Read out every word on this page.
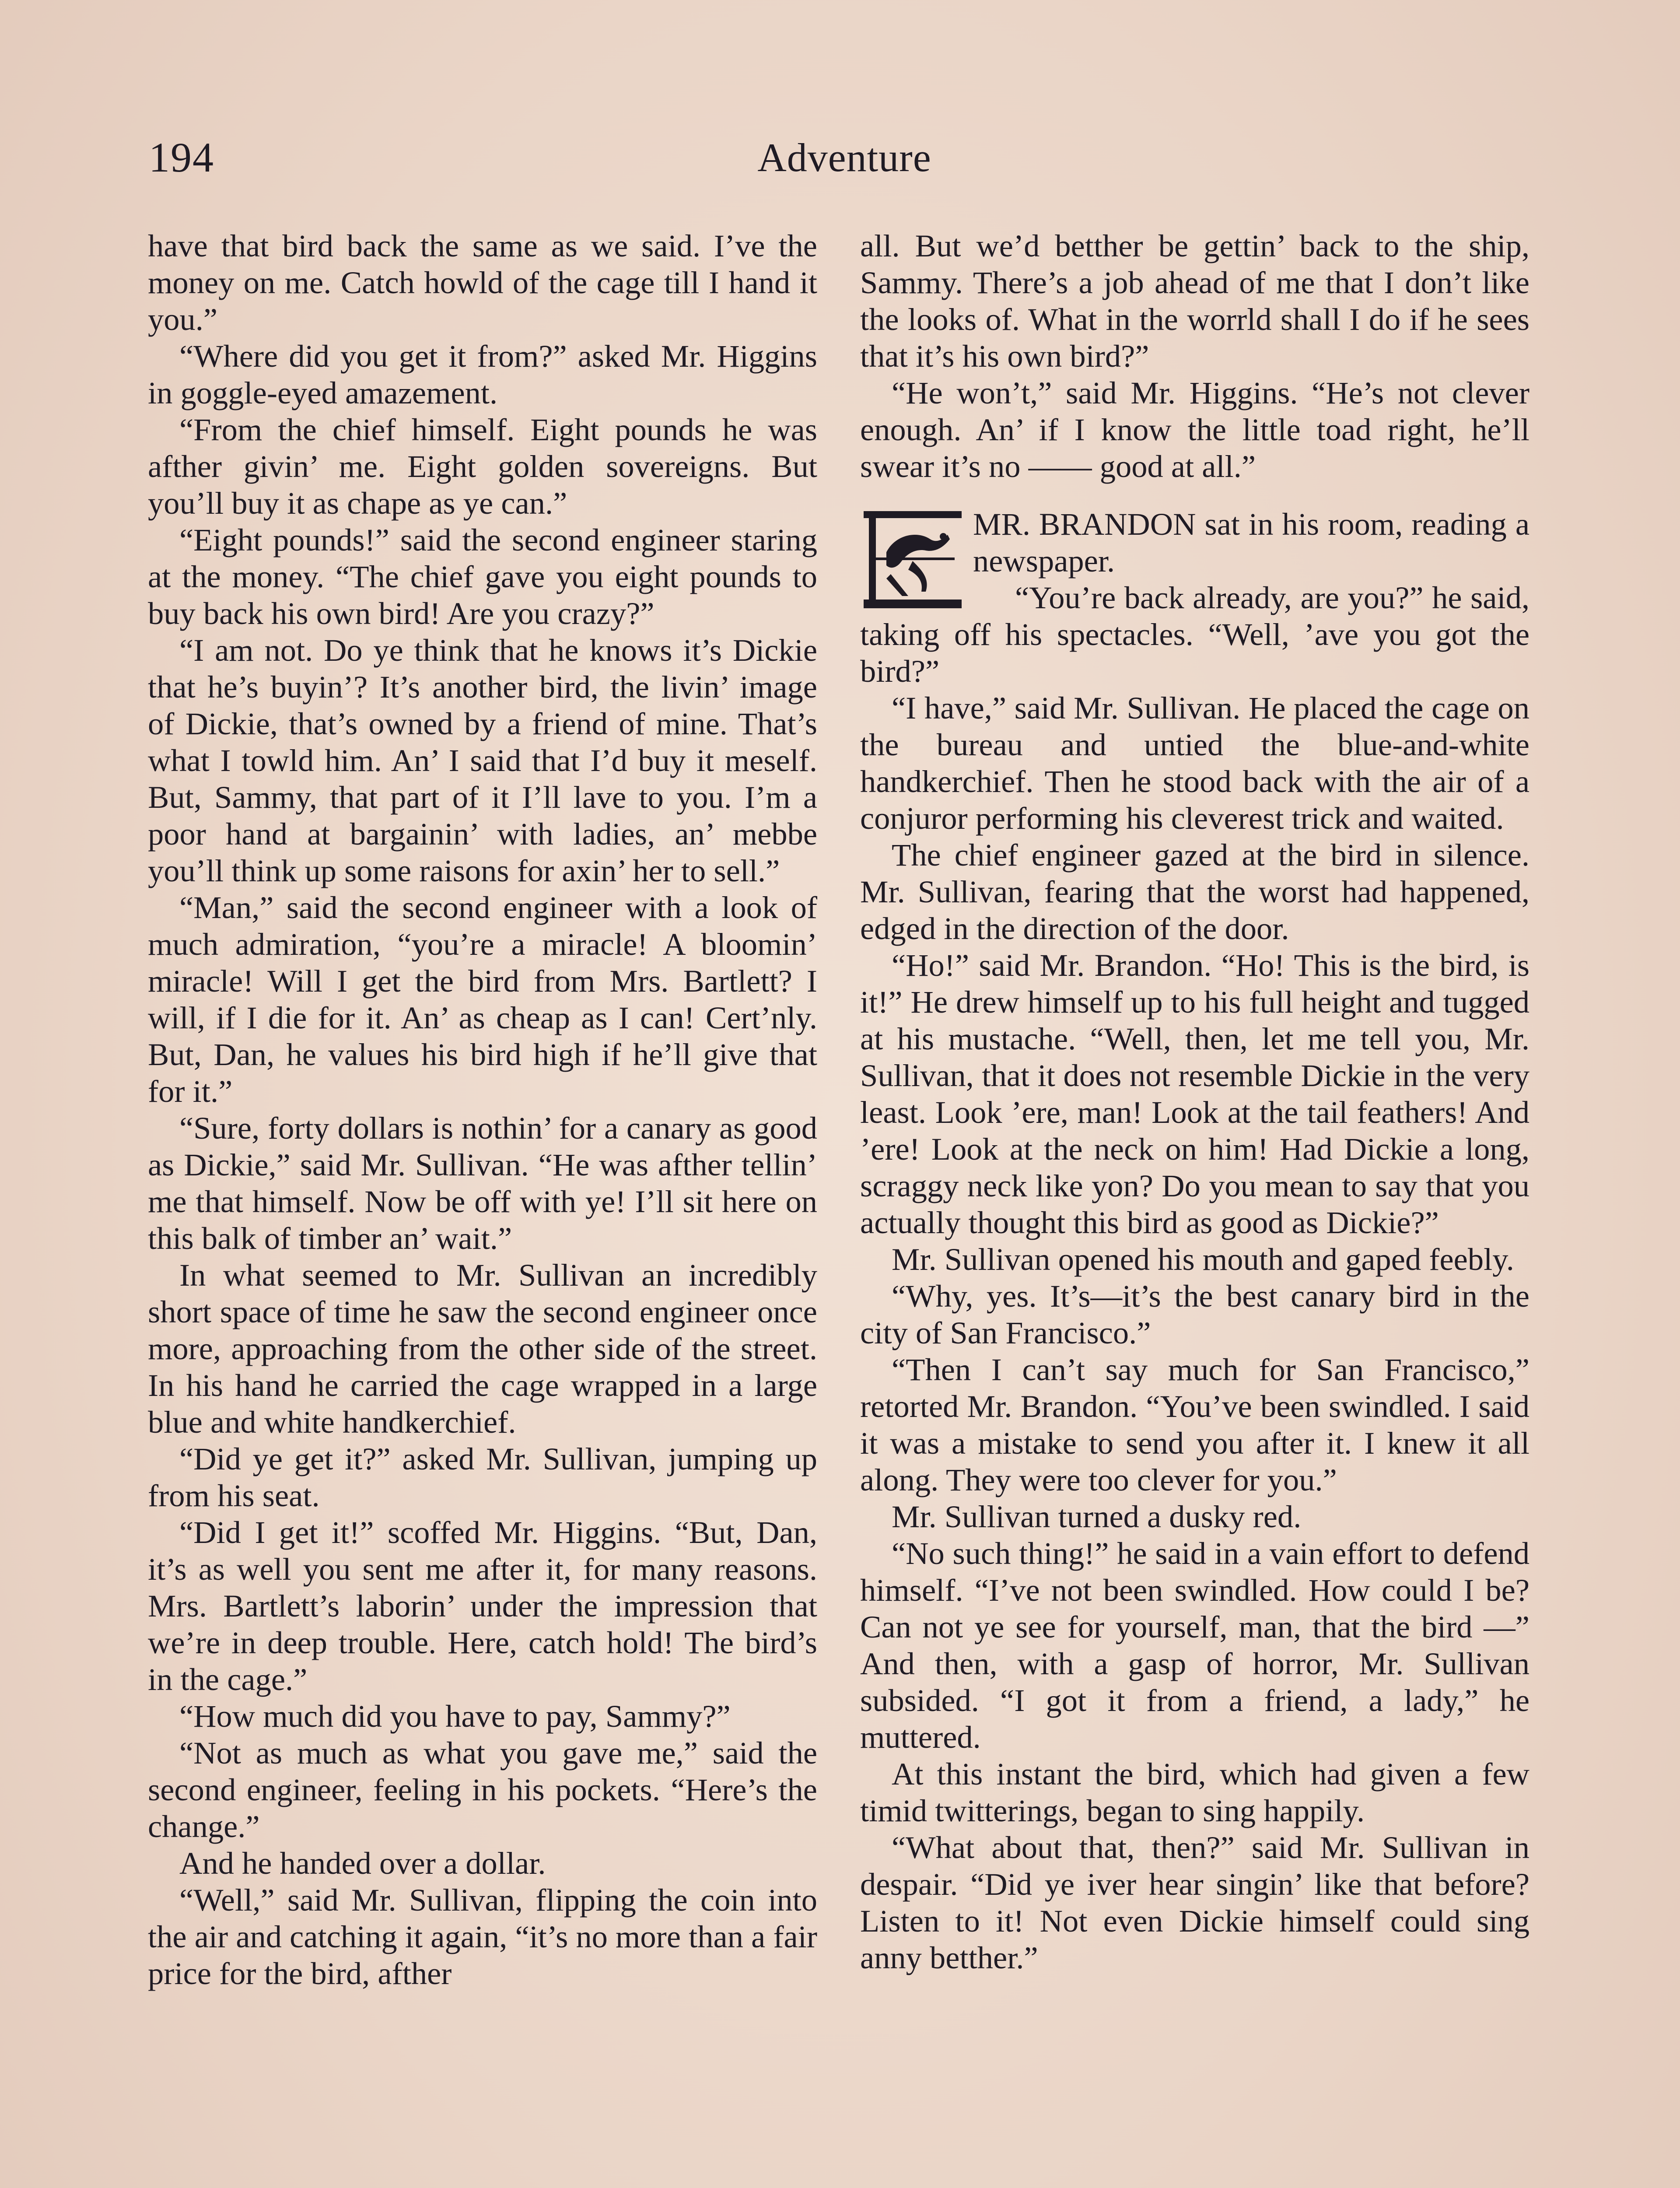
194	Adventure

have that bird back the same as we said. I’ve the money on me. Catch howld of the cage till I hand it you.”

“Where did you get it from?” asked Mr. Higgins in goggle-eyed amazement.

“From the chief himself. Eight pounds he was afther givin’ me. Eight golden sovereigns. But you’ll buy it as chape as ye can.”

“Eight pounds!” said the second engineer staring at the money. “The chief gave you eight pounds to buy back his own bird! Are you crazy?”

“I am not. Do ye think that he knows it’s Dickie that he’s buyin’? It’s another bird, the livin’ image of Dickie, that’s owned by a friend of mine. That’s what I towld him. An’ I said that I’d buy it meself. But, Sammy, that part of it I’ll lave to you. I’m a poor hand at bargainin’ with ladies, an’ mebbe you’ll think up some raisons for axin’ her to sell.”

“Man,” said the second engineer with a look of much admiration, “you’re a miracle! A bloomin’ miracle! Will I get the bird from Mrs. Bartlett? I will, if I die for it. An’ as cheap as I can! Cert’nly. But, Dan, he values his bird high if he’ll give that for it.”

“Sure, forty dollars is nothin’ for a canary as good as Dickie,” said Mr. Sullivan. “He was afther tellin’ me that himself. Now be off with ye! I’ll sit here on this balk of timber an’ wait.”

In what seemed to Mr. Sullivan an incredibly short space of time he saw the second engineer once more, approaching from the other side of the street. In his hand he carried the cage wrapped in a large blue and white handkerchief.

“Did ye get it?” asked Mr. Sullivan, jumping up from his seat.

“Did I get it!” scoffed Mr. Higgins. “But, Dan, it’s as well you sent me after it, for many reasons. Mrs. Bartlett’s laborin’ under the impression that we’re in deep trouble. Here, catch hold! The bird’s in the cage.”

“How much did you have to pay, Sammy?”

“Not as much as what you gave me,” said the second engineer, feeling in his pockets. “Here’s the change.”

And he handed over a dollar.

“Well,” said Mr. Sullivan, flipping the coin into the air and catching it again, “it’s no more than a fair price for the bird, afther

all. But we’d betther be gettin’ back to the ship, Sammy. There’s a job ahead of me that I don’t like the looks of. What in the worrld shall I do if he sees that it’s his own bird?”

“He won’t,” said Mr. Higgins. “He’s not clever enough. An’ if I know the little toad right, he’ll swear it’s no —— good at all.”

MR. BRANDON sat in his room, reading a newspaper.

“You’re back already, are you?” he said, taking off his spectacles. “Well, ’ave you got the bird?”

“I have,” said Mr. Sullivan. He placed the cage on the bureau and untied the blue-and-white handkerchief. Then he stood back with the air of a conjuror performing his cleverest trick and waited.

The chief engineer gazed at the bird in silence. Mr. Sullivan, fearing that the worst had happened, edged in the direction of the door.

“Ho!” said Mr. Brandon. “Ho! This is the bird, is it!” He drew himself up to his full height and tugged at his mustache. “Well, then, let me tell you, Mr. Sullivan, that it does not resemble Dickie in the very least. Look ’ere, man! Look at the tail feathers! And ’ere! Look at the neck on him! Had Dickie a long, scraggy neck like yon? Do you mean to say that you actually thought this bird as good as Dickie?”

Mr. Sullivan opened his mouth and gaped feebly.

“Why, yes. It’s—it’s the best canary bird in the city of San Francisco.”

“Then I can’t say much for San Francisco,” retorted Mr. Brandon. “You’ve been swindled. I said it was a mistake to send you after it. I knew it all along. They were too clever for you.”

Mr. Sullivan turned a dusky red.

“No such thing!” he said in a vain effort to defend himself. “I’ve not been swindled. How could I be? Can not ye see for yourself, man, that the bird —” And then, with a gasp of horror, Mr. Sullivan subsided. “I got it from a friend, a lady,” he muttered.

At this instant the bird, which had given a few timid twitterings, began to sing happily.

“What about that, then?” said Mr. Sullivan in despair. “Did ye iver hear singin’ like that before? Listen to it! Not even Dickie himself could sing anny betther.”
